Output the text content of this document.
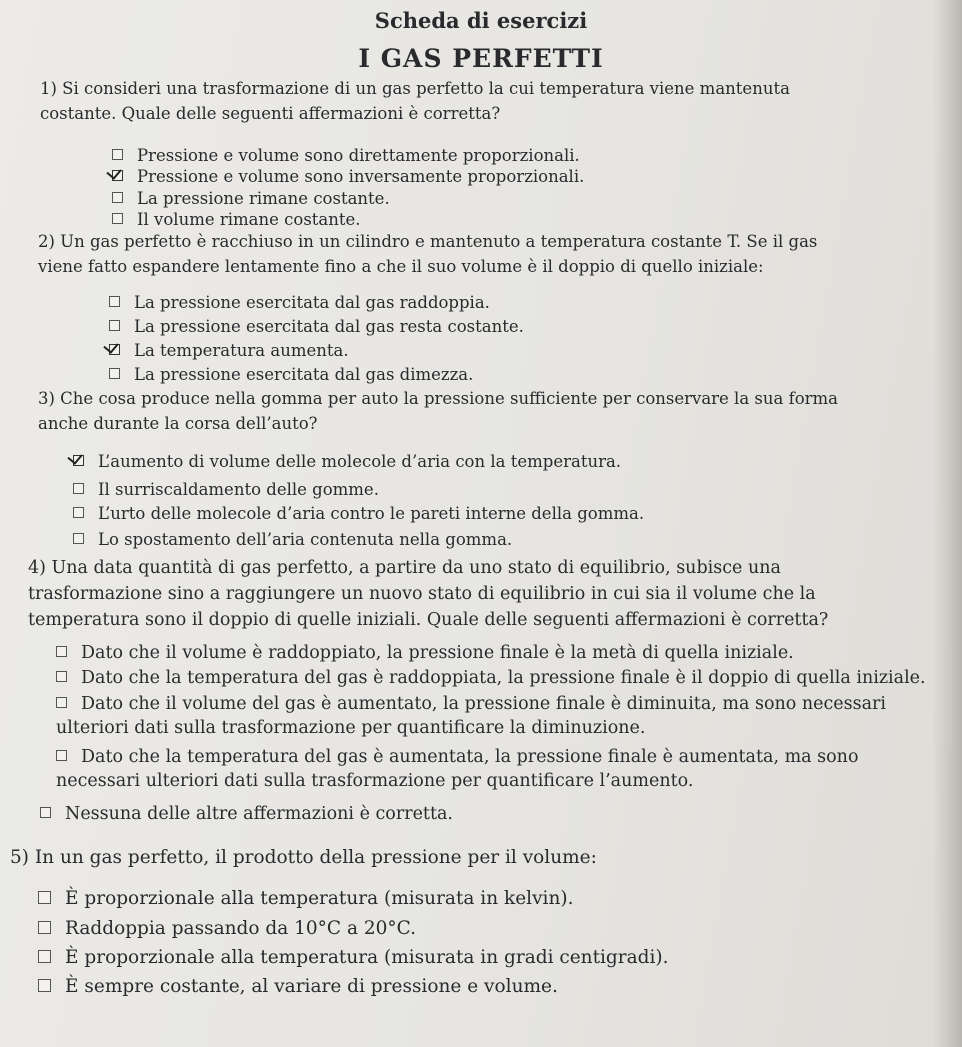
Scheda di esercizi
I GAS PERFETTI

1) Si consideri una trasformazione di un gas perfetto la cui temperatura viene mantenuta costante. Quale delle seguenti affermazioni è corretta?

Pressione e volume sono direttamente proporzionali.
Pressione e volume sono inversamente proporzionali.
La pressione rimane costante.
Il volume rimane costante.

2) Un gas perfetto è racchiuso in un cilindro e mantenuto a temperatura costante T. Se il gas viene fatto espandere lentamente fino a che il suo volume è il doppio di quello iniziale:

La pressione esercitata dal gas raddoppia.
La pressione esercitata dal gas resta costante.
La temperatura aumenta.
La pressione esercitata dal gas dimezza.

3) Che cosa produce nella gomma per auto la pressione sufficiente per conservare la sua forma anche durante la corsa dell’auto?

L’aumento di volume delle molecole d’aria con la temperatura.
Il surriscaldamento delle gomme.
L’urto delle molecole d’aria contro le pareti interne della gomma.
Lo spostamento dell’aria contenuta nella gomma.

4) Una data quantità di gas perfetto, a partire da uno stato di equilibrio, subisce una trasformazione sino a raggiungere un nuovo stato di equilibrio in cui sia il volume che la temperatura sono il doppio di quelle iniziali. Quale delle seguenti affermazioni è corretta?

Dato che il volume è raddoppiato, la pressione finale è la metà di quella iniziale.
Dato che la temperatura del gas è raddoppiata, la pressione finale è il doppio di quella iniziale.
Dato che il volume del gas è aumentato, la pressione finale è diminuita, ma sono necessari ulteriori dati sulla trasformazione per quantificare la diminuzione.
Dato che la temperatura del gas è aumentata, la pressione finale è aumentata, ma sono necessari ulteriori dati sulla trasformazione per quantificare l’aumento.
Nessuna delle altre affermazioni è corretta.

5) In un gas perfetto, il prodotto della pressione per il volume:

È proporzionale alla temperatura (misurata in kelvin).
Raddoppia passando da 10°C a 20°C.
È proporzionale alla temperatura (misurata in gradi centigradi).
È sempre costante, al variare di pressione e volume.
